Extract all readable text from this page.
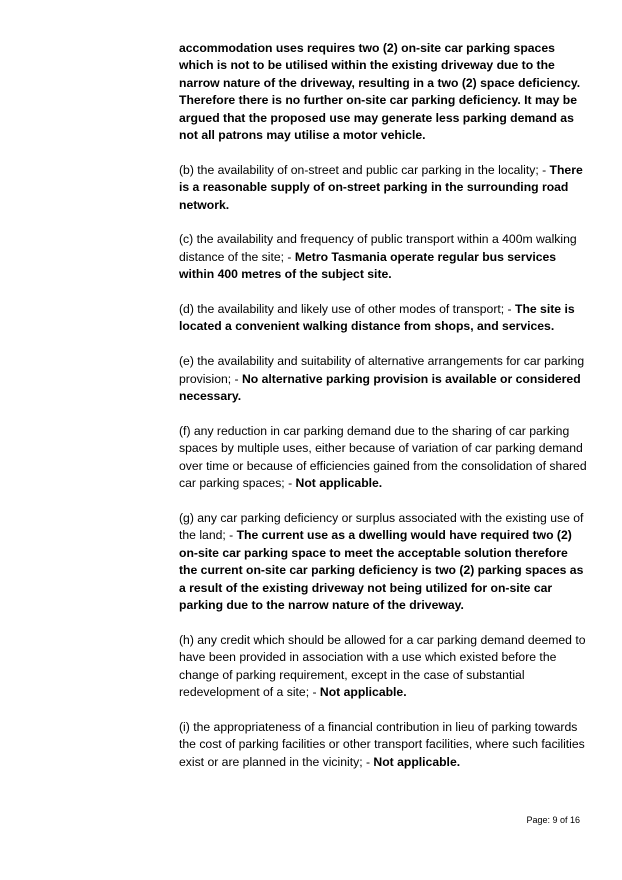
accommodation uses requires two (2) on-site car parking spaces which is not to be utilised within the existing driveway due to the narrow nature of the driveway, resulting in a two (2) space deficiency. Therefore there is no further on-site car parking deficiency. It may be argued that the proposed use may generate less parking demand as not all patrons may utilise a motor vehicle.

(b) the availability of on-street and public car parking in the locality; - There is a reasonable supply of on-street parking in the surrounding road network.

(c) the availability and frequency of public transport within a 400m walking distance of the site; - Metro Tasmania operate regular bus services within 400 metres of the subject site.

(d) the availability and likely use of other modes of transport; - The site is located a convenient walking distance from shops, and services.

(e) the availability and suitability of alternative arrangements for car parking provision; - No alternative parking provision is available or considered necessary.

(f) any reduction in car parking demand due to the sharing of car parking spaces by multiple uses, either because of variation of car parking demand over time or because of efficiencies gained from the consolidation of shared car parking spaces; - Not applicable.

(g) any car parking deficiency or surplus associated with the existing use of the land; - The current use as a dwelling would have required two (2) on-site car parking space to meet the acceptable solution therefore the current on-site car parking deficiency is two (2) parking spaces as a result of the existing driveway not being utilized for on-site car parking due to the narrow nature of the driveway.

(h) any credit which should be allowed for a car parking demand deemed to have been provided in association with a use which existed before the change of parking requirement, except in the case of substantial redevelopment of a site; - Not applicable.

(i) the appropriateness of a financial contribution in lieu of parking towards the cost of parking facilities or other transport facilities, where such facilities exist or are planned in the vicinity; - Not applicable.

Page: 9 of 16
